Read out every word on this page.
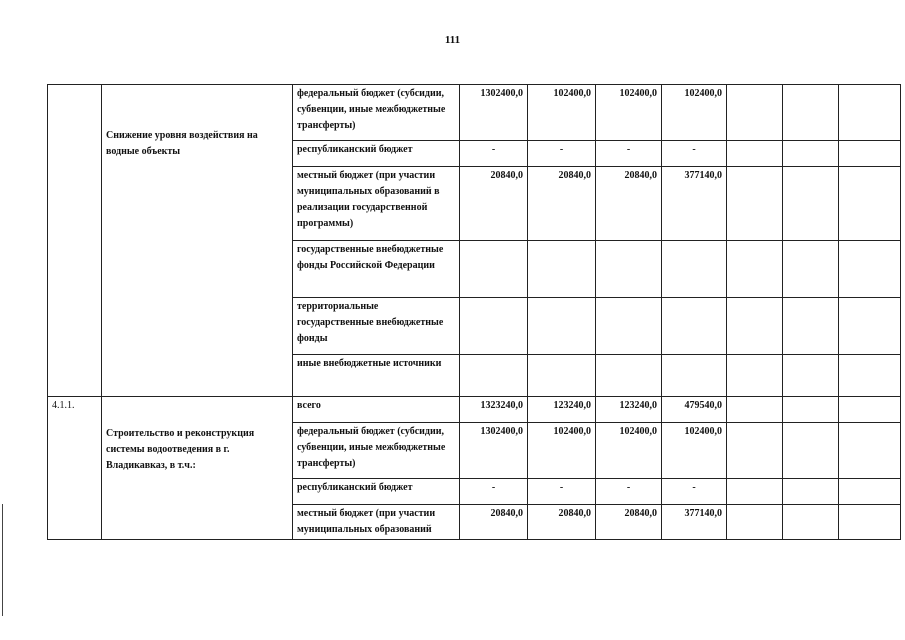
111

	Снижение уровня воздействия на водные объекты	федеральный бюджет (субсидии, субвенции, иные межбюджетные трансферты)	1302400,0	102400,0	102400,0	102400,0			
		республиканский бюджет	-	-	-	-			
		местный бюджет (при участии муниципальных образований в реализации государственной программы)	20840,0	20840,0	20840,0	377140,0			
		государственные внебюджетные фонды Российской Федерации							
		территориальные государственные внебюджетные фонды							
		иные внебюджетные источники							
4.1.1.	Строительство и реконструкция системы водоотведения в г. Владикавказ, в т.ч.:	всего	1323240,0	123240,0	123240,0	479540,0			
		федеральный бюджет (субсидии, субвенции, иные межбюджетные трансферты)	1302400,0	102400,0	102400,0	102400,0			
		республиканский бюджет	-	-	-	-			
		местный бюджет (при участии муниципальных образований	20840,0	20840,0	20840,0	377140,0			
